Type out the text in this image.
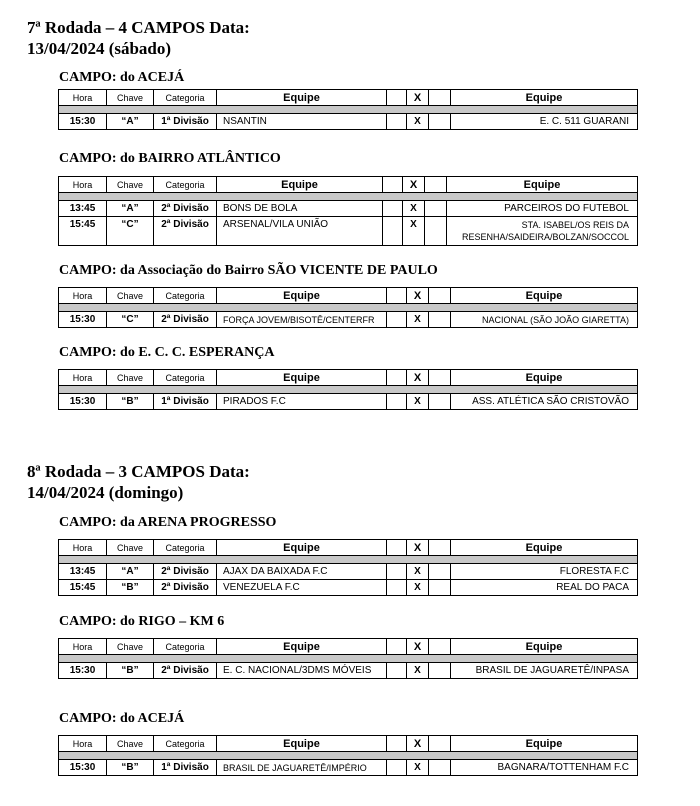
7ª Rodada – 4 CAMPOS Data:
13/04/2024 (sábado)
CAMPO: do ACEJÁ
Hora	Chave	Categoria	Equipe		X		Equipe

15:30	“A”	1ª Divisão	NSANTIN		X		E. C. 511 GUARANI
CAMPO: do BAIRRO ATLÂNTICO
Hora	Chave	Categoria	Equipe		X		Equipe

13:45	“A”	2ª Divisão	BONS DE BOLA		X		PARCEIROS DO FUTEBOL
15:45	“C”	2ª Divisão	ARSENAL/VILA UNIÃO		X		STA. ISABEL/OS REIS DA RESENHA/SAIDEIRA/BOLZAN/SOCCOL
CAMPO: da Associação do Bairro SÃO VICENTE DE PAULO
Hora	Chave	Categoria	Equipe		X		Equipe

15:30	“C”	2ª Divisão	FORÇA JOVEM/BISOTÊ/CENTERFR		X		NACIONAL (SÃO JOÃO GIARETTA)
CAMPO: do E. C. C. ESPERANÇA
Hora	Chave	Categoria	Equipe		X		Equipe

15:30	“B”	1ª Divisão	PIRADOS F.C		X		ASS. ATLÉTICA SÃO CRISTOVÃO
8ª Rodada – 3 CAMPOS Data:
14/04/2024 (domingo)
CAMPO: da ARENA PROGRESSO
Hora	Chave	Categoria	Equipe		X		Equipe

13:45	“A”	2ª Divisão	AJAX DA BAIXADA F.C		X		FLORESTA F.C
15:45	“B”	2ª Divisão	VENEZUELA F.C		X		REAL DO PACA
CAMPO: do RIGO – KM 6
Hora	Chave	Categoria	Equipe		X		Equipe

15:30	“B”	2ª Divisão	E. C. NACIONAL/3DMS MÓVEIS		X		BRASIL DE JAGUARETÊ/INPASA
CAMPO: do ACEJÁ
Hora	Chave	Categoria	Equipe		X		Equipe

15:30	“B”	1ª Divisão	BRASIL DE JAGUARETÊ/IMPÉRIO		X		BAGNARA/TOTTENHAM F.C
